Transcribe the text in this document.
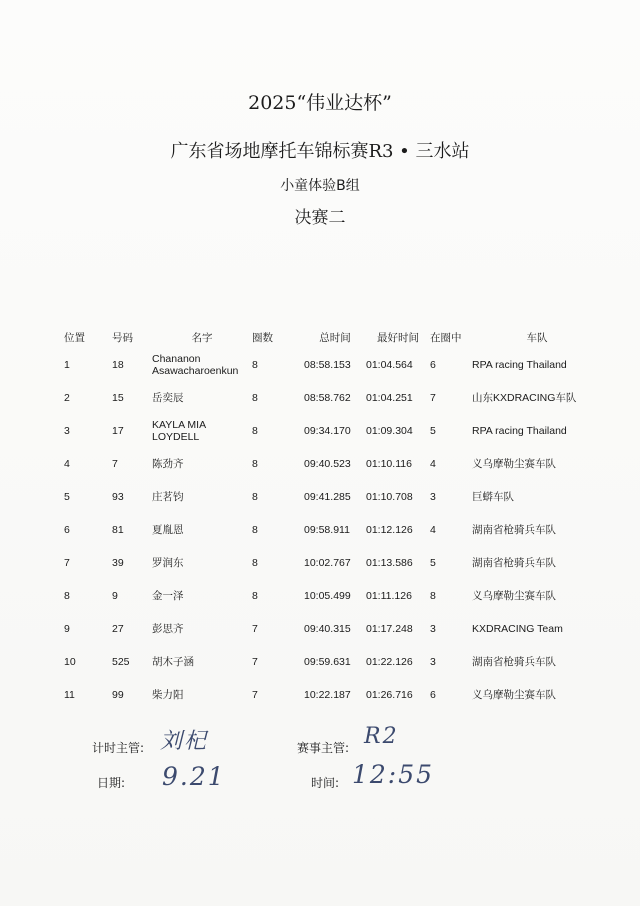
2025“伟业达杯”
广东省场地摩托车锦标赛R3 • 三水站
小童体验B组
决赛二
位置	号码	名字	圈数	总时间	最好时间	在圈中	车队
1	18	Chananon
Asawacharoenkun	8	08:58.153	01:04.564	6	RPA racing Thailand
2	15	岳奕辰	8	08:58.762	01:04.251	7	山东KXDRACING车队
3	17	KAYLA MIA
LOYDELL	8	09:34.170	01:09.304	5	RPA racing Thailand
4	7	陈劲齐	8	09:40.523	01:10.116	4	义乌摩勒尘赛车队
5	93	庄茗钧	8	09:41.285	01:10.708	3	巨蟒车队
6	81	夏胤恩	8	09:58.911	01:12.126	4	湖南省枪骑兵车队
7	39	罗润东	8	10:02.767	01:13.586	5	湖南省枪骑兵车队
8	9	金一泽	8	10:05.499	01:11.126	8	义乌摩勒尘赛车队
9	27	彭思齐	7	09:40.315	01:17.248	3	KXDRACING Team
10	525	胡木子涵	7	09:59.631	01:22.126	3	湖南省枪骑兵车队
11	99	柴力阳	7	10:22.187	01:26.716	6	义乌摩勒尘赛车队
计时主管: 刘杞	赛事主管: R2
日期: 9.21	时间: 12:55
